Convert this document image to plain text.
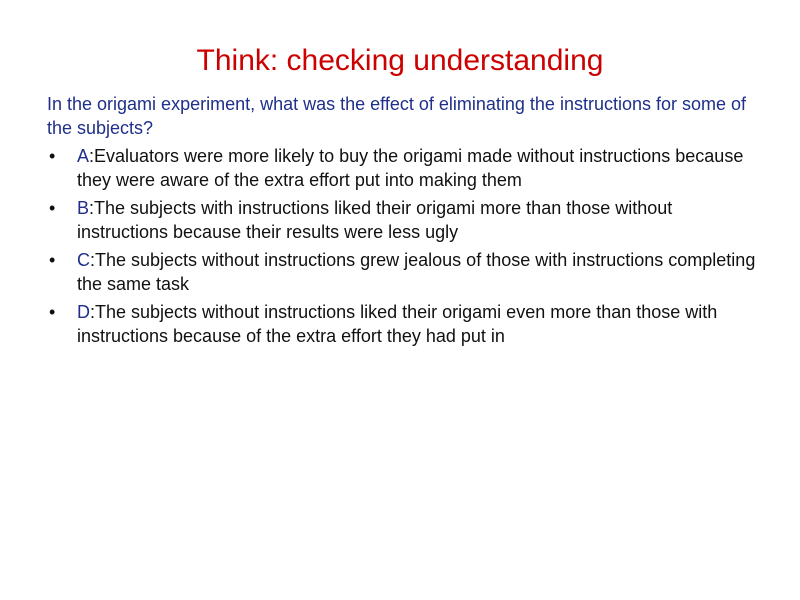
Think: checking understanding

In the origami experiment, what was the effect of eliminating the instructions for some of the subjects?

• A:Evaluators were more likely to buy the origami made without instructions because they were aware of the extra effort put into making them
• B:The subjects with instructions liked their origami more than those without instructions because their results were less ugly
• C:The subjects without instructions grew jealous of those with instructions completing the same task
• D:The subjects without instructions liked their origami even more than those with instructions because of the extra effort they had put in
